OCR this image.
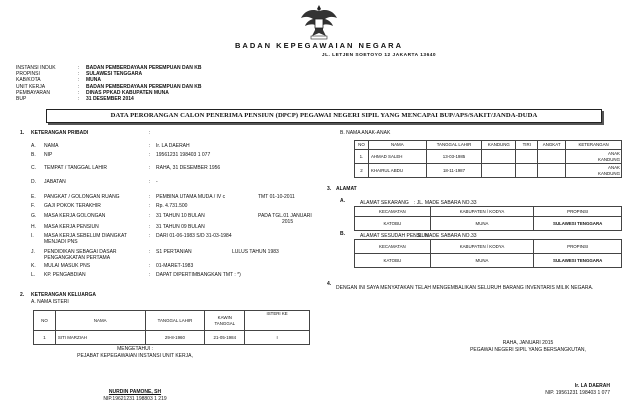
BADAN KEPEGAWAIAN NEGARA
JL. LETJEN SOETOYO 12 JAKARTA 13640
INSTANSI INDUK	: BADAN PEMBERDAYAAN PEREMPUAN DAN KB
PROPINSI	: SULAWESI TENGGARA
KAB/KOTA	: MUNA
UNIT KERJA	: BADAN PEMBERDAYAAN PEREMPUAN DAN KB
PEMBAYARAN	: DINAS PPKAD KABUPATEN MUNA
BUP	: 31 DESEMBER 2014
DATA PERORANGAN CALON PENERIMA PENSIUN (DPCP) PEGAWAI NEGERI SIPIL YANG MENCAPAI BUP/APS/SAKIT/JANDA-DUDA
1. KETERANGAN PRIBADI	:
A. NAMA	: Ir. LA DAERAH
B. NIP	: 19561231 198403 1 077
C. TEMPAT / TANGGAL LAHIR	: RAHA, 31 DESEMBER 1956
D. JABATAN	: -
E. PANGKAT / GOLONGAN RUANG	: PEMBINA UTAMA MUDA / IV c	TMT 01-10-2011
F. GAJI POKOK TERAKHIR	: Rp. 4.731.500
G. MASA KERJA GOLONGAN	: 31 TAHUN 10 BULAN	PADA TGL.01 JANUARI
2015
H. MASA KERJA PENSIUN	: 31 TAHUN 09 BULAN
I. MASA KERJA SEBELUM DIANGKAT
MENJADI PNS
: DARI 01-06-1983 S/D 31-03-1984
J. PENDIDIKAN SEBAGAI DASAR
PENGANGKATAN PERTAMA
: S1 PERTANIAN	LULUS TAHUN 1983
K. MULAI MASUK PNS	: 01-MARET-1983
L. KP. PENGABDIAN	: DAPAT DIPERTIMBANGKAN TMT : *)
2. KETERANGAN KELUARGA
A. NAMA ISTERI
NO	NAMA	TANGGAL LAHIR	KAWIN
TANGGAL	ISTERI KE
1	SITI MARZIAH	29-8-1960	21-05-1984	I
B. NAMA ANAK-ANAK
NO	NAMA	TANGGAL LAHIR	KANDUNG	TIRI	ANGKAT	KETERANGAN
1.	AHMAD SALEH	13-03-1985				ANAK
KANDUNG
2	KHAIRUL ABDU	18-11-1987				ANAK
KANDUNG
3. ALAMAT
A.	ALAMAT SEKARANG : JL. MADE SABARA NO.33
KECAMATAN	KABUPATEN / KODYA	PROPINSI
KATOBU	MUNA	SULAWESI TENGGARA
B.	ALAMAT SESUDAH PENSIUN
: JL. MADE SABARA NO.33
KECAMATAN	KABUPATEN / KODYA	PROPINSI
KATOBU	MUNA	SULAWESI TENGGARA
4.
DENGAN INI SAYA MENYATAKAN TELAH MENGEMBALIKAN SELURUH BARANG INVENTARIS MILIK NEGARA.
MENGETAHUI :
PEJABAT KEPEGAWAIAN INSTANSI UNIT KERJA,
NURDIN PAMONE, SH
NIP.19621231 198803 1 219
RAHA, JANUARI 2015
PEGAWAI NEGERI SIPIL YANG BERSANGKUTAN,
Ir. LA DAERAH
NIP. 19561231 198403 1 077
